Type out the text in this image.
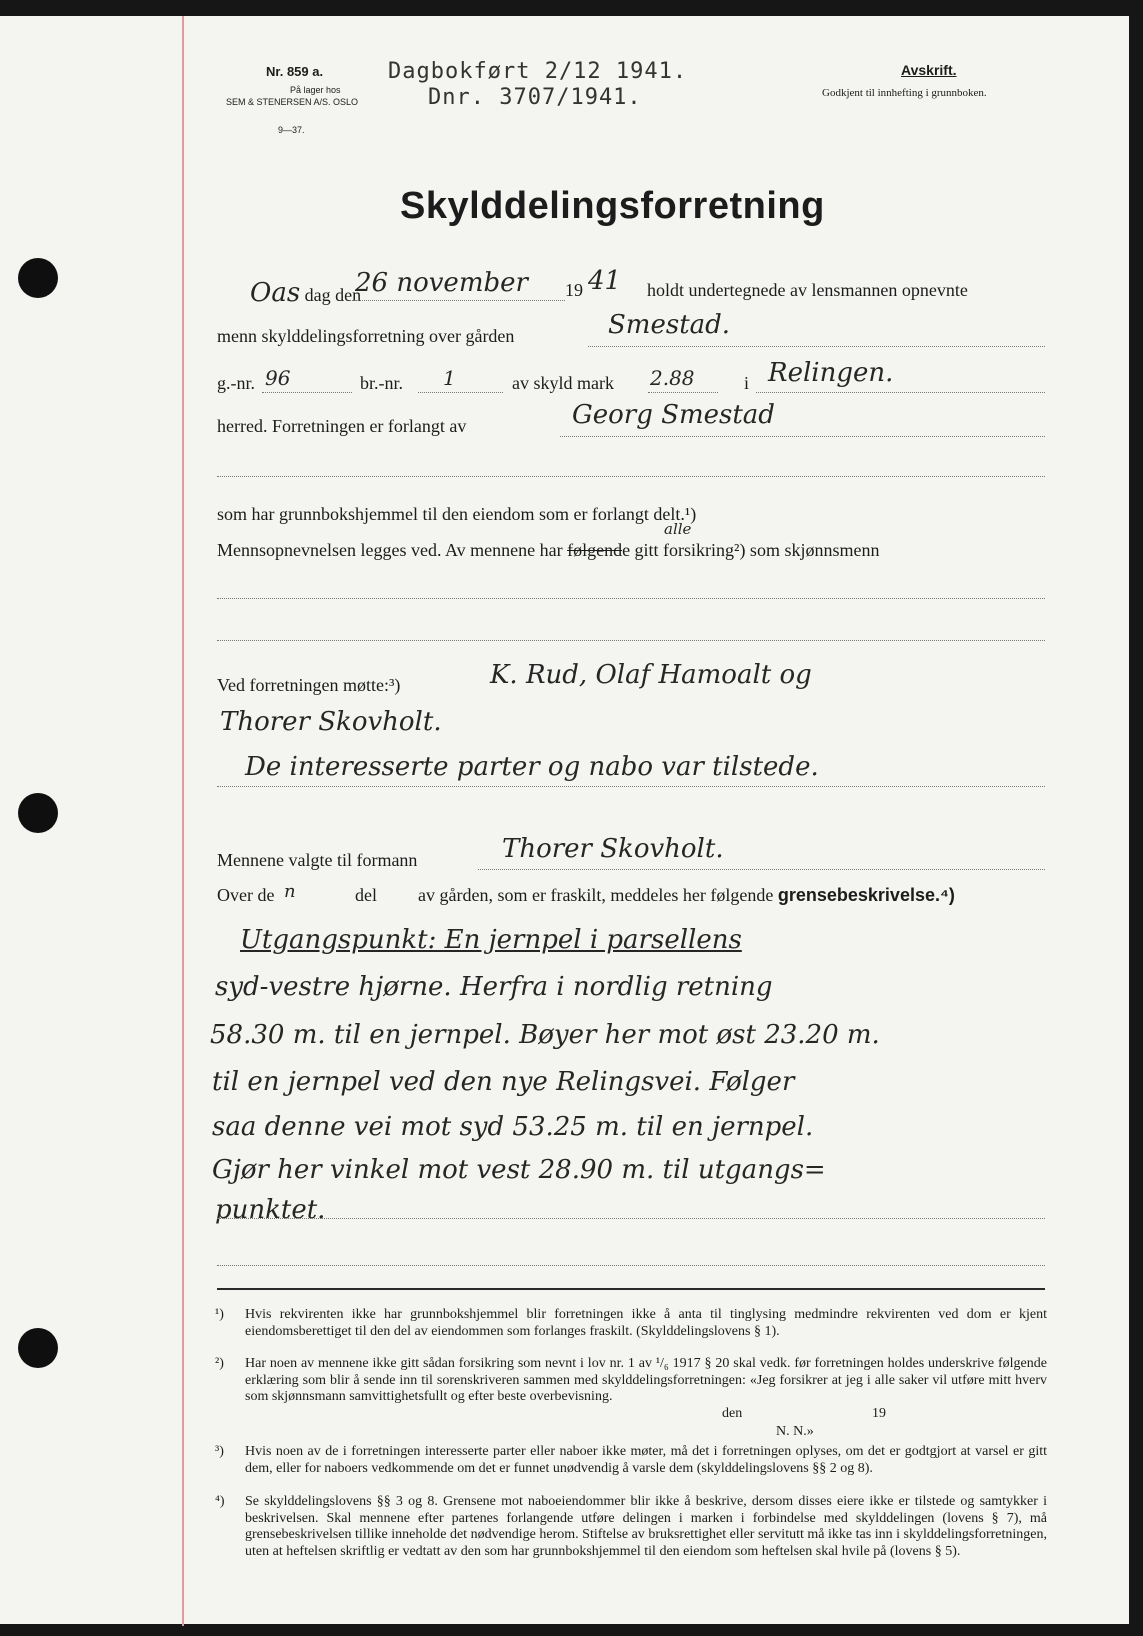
Nr. 859 a.
På lager hos
SEM & STENERSEN A/S. OSLO
9—37.
Dagbokført 2/12 1941.
Dnr. 3707/1941.
Avskrift.
Godkjent til innhefting i grunnboken.
Skylddelingsforretning
Oas dag den
26 november 19 41 holdt undertegnede av lensmannen opnevnte
menn skylddelingsforretning over gården	Smestad.
g.-nr. 96	br.-nr. 1	av skyld mark 2.88	i Relingen.
herred. Forretningen er forlangt av	Georg Smestad
som har grunnbokshjemmel til den eiendom som er forlangt delt.¹)
Mennsopnevnelsen legges ved. Av mennene har følgende gitt forsikring²) som skjønnsmenn
alle
Ved forretningen møtte:³)	K. Rud, Olaf Hamoalt og
Thorer Skovholt.
De interesserte parter og nabo var tilstede.
Mennene valgte til formann	Thorer Skovholt.
Over de n	del av gården, som er fraskilt, meddeles her følgende grensebeskrivelse.⁴)
Utgangspunkt: En jernpel i parsellens
syd-vestre hjørne. Herfra i nordlig retning
58.30 m. til en jernpel. Bøyer her mot øst 23.20 m.
til en jernpel ved den nye Relingsvei. Følger
saa denne vei mot syd 53.25 m. til en jernpel.
Gjør her vinkel mot vest 28.90 m. til utgangs=
punktet.
¹) Hvis rekvirenten ikke har grunnbokshjemmel blir forretningen ikke å anta til tinglysing medmindre rekvirenten ved dom er kjent eiendomsberettiget til den del av eiendommen som forlanges fraskilt. (Skylddelingslovens § 1).
²) Har noen av mennene ikke gitt sådan forsikring som nevnt i lov nr. 1 av ¹/₆ 1917 § 20 skal vedk. før forretningen holdes underskrive følgende erklæring som blir å sende inn til sorenskriveren sammen med skylddelingsforretningen: «Jeg forsikrer at jeg i alle saker vil utføre mitt hverv som skjønnsmann samvittighetsfullt og efter beste overbevisning.
den	19
N. N.»
³) Hvis noen av de i forretningen interesserte parter eller naboer ikke møter, må det i forretningen oplyses, om det er godtgjort at varsel er gitt dem, eller for naboers vedkommende om det er funnet unødvendig å varsle dem (skylddelingslovens §§ 2 og 8).
⁴) Se skylddelingslovens §§ 3 og 8. Grensene mot naboeiendommer blir ikke å beskrive, dersom disses eiere ikke er tilstede og samtykker i beskrivelsen. Skal mennene efter partenes forlangende utføre delingen i marken i forbindelse med skylddelingen (lovens § 7), må grensebeskrivelsen tillike inneholde det nødvendige herom. Stiftelse av bruksrettighet eller servitutt må ikke tas inn i skylddelingsforretningen, uten at heftelsen skriftlig er vedtatt av den som har grunnbokshjemmel til den eiendom som heftelsen skal hvile på (lovens § 5).
